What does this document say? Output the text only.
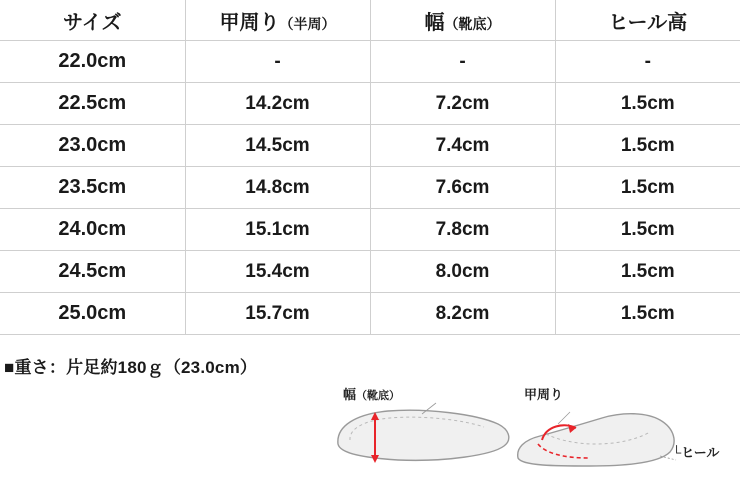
サイズ	甲周り（半周）	幅（靴底）	ヒール高
22.0cm	-	-	-
22.5cm	14.2cm	7.2cm	1.5cm
23.0cm	14.5cm	7.4cm	1.5cm
23.5cm	14.8cm	7.6cm	1.5cm
24.0cm	15.1cm	7.8cm	1.5cm
24.5cm	15.4cm	8.0cm	1.5cm
25.0cm	15.7cm	8.2cm	1.5cm
■重さ：片足約180ｇ（23.0cm）
幅（靴底）	甲周り
└ヒール
